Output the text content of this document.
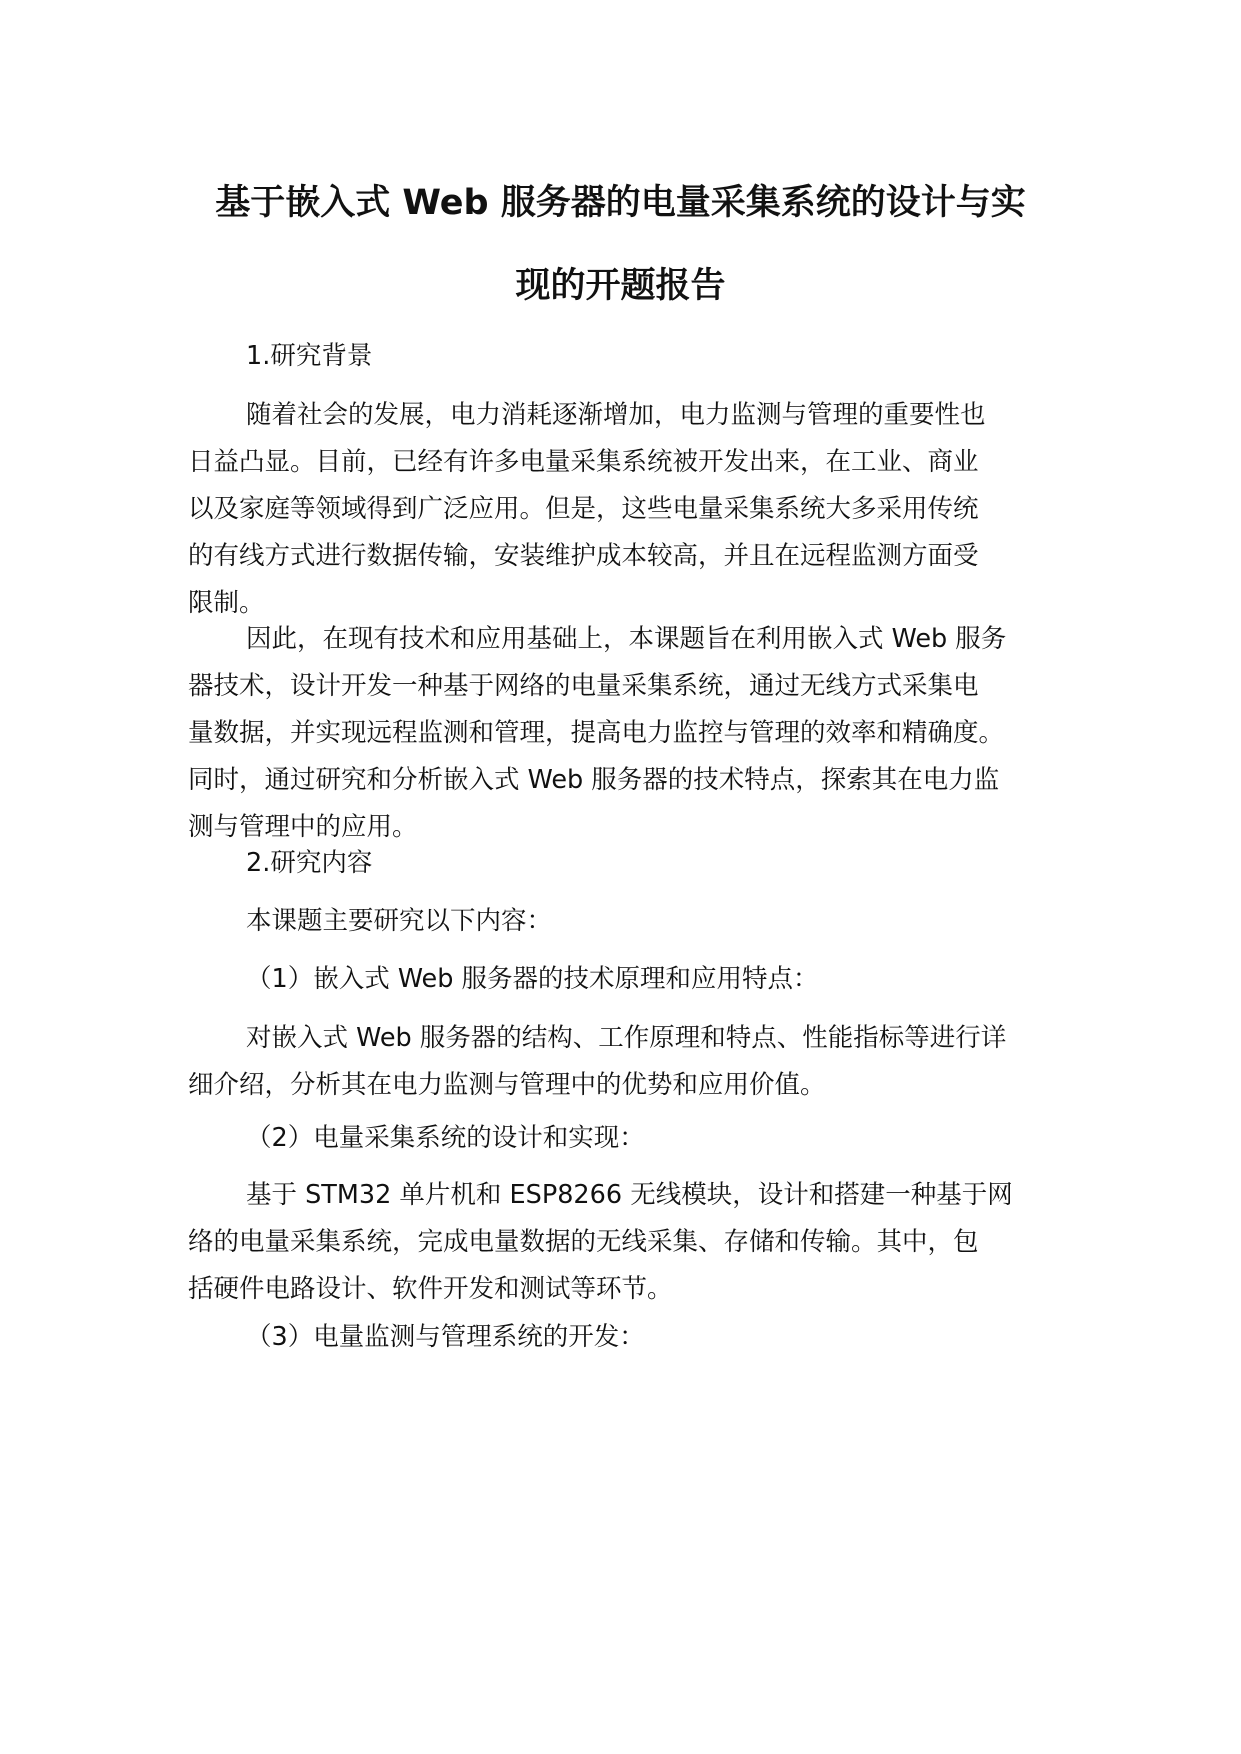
基于嵌入式 Web 服务器的电量采集系统的设计与实
现的开题报告

1.研究背景

随着社会的发展，电力消耗逐渐增加，电力监测与管理的重要性也
日益凸显。目前，已经有许多电量采集系统被开发出来，在工业、商业
以及家庭等领域得到广泛应用。但是，这些电量采集系统大多采用传统
的有线方式进行数据传输，安装维护成本较高，并且在远程监测方面受
限制。

因此，在现有技术和应用基础上，本课题旨在利用嵌入式 Web 服务
器技术，设计开发一种基于网络的电量采集系统，通过无线方式采集电
量数据，并实现远程监测和管理，提高电力监控与管理的效率和精确度。
同时，通过研究和分析嵌入式 Web 服务器的技术特点，探索其在电力监
测与管理中的应用。

2.研究内容

本课题主要研究以下内容：

（1）嵌入式 Web 服务器的技术原理和应用特点：

对嵌入式 Web 服务器的结构、工作原理和特点、性能指标等进行详
细介绍，分析其在电力监测与管理中的优势和应用价值。

（2）电量采集系统的设计和实现：

基于 STM32 单片机和 ESP8266 无线模块，设计和搭建一种基于网
络的电量采集系统，完成电量数据的无线采集、存储和传输。其中，包
括硬件电路设计、软件开发和测试等环节。

（3）电量监测与管理系统的开发：
